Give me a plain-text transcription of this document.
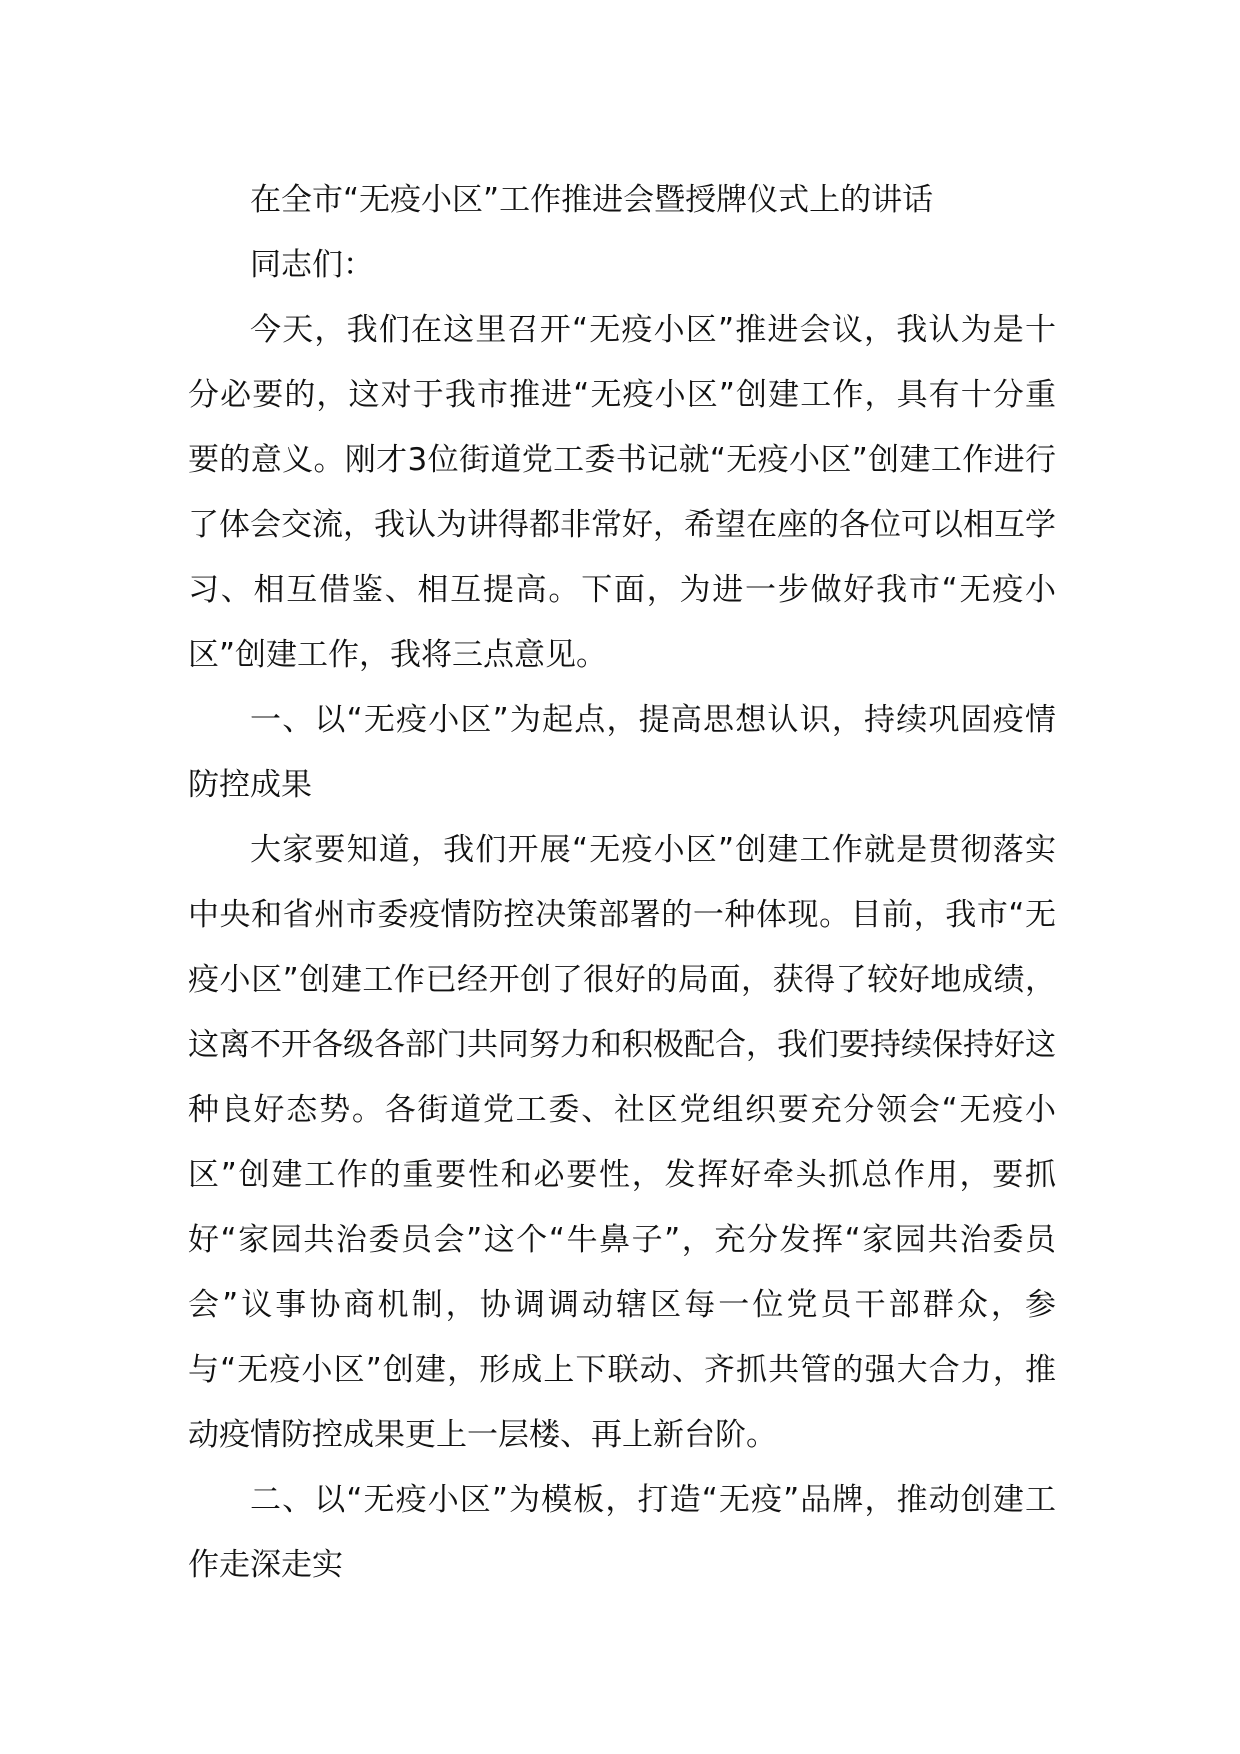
在全市“无疫小区”工作推进会暨授牌仪式上的讲话

同志们：

今天，我们在这里召开“无疫小区”推进会议，我认为是十分必要的，这对于我市推进“无疫小区”创建工作，具有十分重要的意义。刚才3位街道党工委书记就“无疫小区”创建工作进行了体会交流，我认为讲得都非常好，希望在座的各位可以相互学习、相互借鉴、相互提高。下面，为进一步做好我市“无疫小区”创建工作，我将三点意见。

一、以“无疫小区”为起点，提高思想认识，持续巩固疫情防控成果

大家要知道，我们开展“无疫小区”创建工作就是贯彻落实中央和省州市委疫情防控决策部署的一种体现。目前，我市“无疫小区”创建工作已经开创了很好的局面，获得了较好地成绩，这离不开各级各部门共同努力和积极配合，我们要持续保持好这种良好态势。各街道党工委、社区党组织要充分领会“无疫小区”创建工作的重要性和必要性，发挥好牵头抓总作用，要抓好“家园共治委员会”这个“牛鼻子”，充分发挥“家园共治委员会”议事协商机制，协调调动辖区每一位党员干部群众，参与“无疫小区”创建，形成上下联动、齐抓共管的强大合力，推动疫情防控成果更上一层楼、再上新台阶。

二、以“无疫小区”为模板，打造“无疫”品牌，推动创建工作走深走实
